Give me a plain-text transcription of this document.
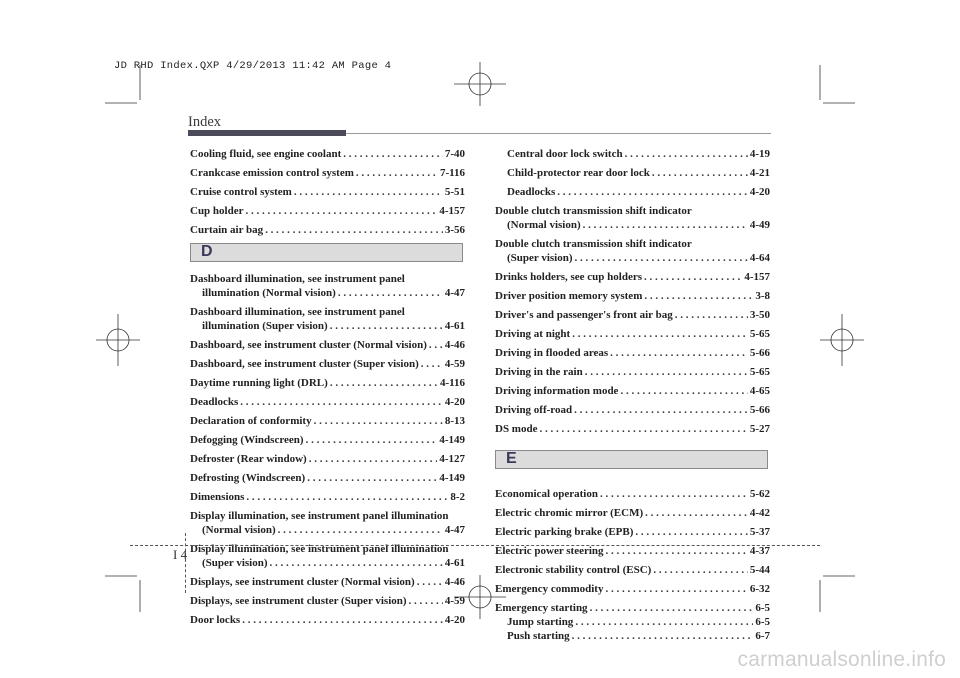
JD RHD Index.QXP 4/29/2013 11:42 AM Page 4
Index
Cooling fluid, see engine coolant . . .	7-40
Crankcase emission control system . . .	7-116
Cruise control system . . .	5-51
Cup holder . . .	4-157
Curtain air bag . . .	3-56
D
Dashboard illumination, see instrument panel
illumination (Normal vision) . . .	4-47
Dashboard illumination, see instrument panel
illumination (Super vision) . . .	4-61
Dashboard, see instrument cluster (Normal vision) . . . 4-46
Dashboard, see instrument cluster (Super vision) . . . 4-59
Daytime running light (DRL) . . .	4-116
Deadlocks . . .	4-20
Declaration of conformity . . .	8-13
Defogging (Windscreen) . . .	4-149
Defroster (Rear window) . . .	4-127
Defrosting (Windscreen) . . .	4-149
Dimensions . . .	8-2
Display illumination, see instrument panel illumination
(Normal vision) . . .	4-47
Display illumination, see instrument panel illumination
(Super vision) . . .	4-61
Displays, see instrument cluster (Normal vision) . . .	4-46
Displays, see instrument cluster (Super vision) . . .	4-59
Door locks . . .	4-20
Central door lock switch . . .	4-19
Child-protector rear door lock . . .	4-21
Deadlocks . . .	4-20
Double clutch transmission shift indicator
(Normal vision) . . .	4-49
Double clutch transmission shift indicator
(Super vision) . . .	4-64
Drinks holders, see cup holders . . .	4-157
Driver position memory system . . .	3-8
Driver's and passenger's front air bag . . .	3-50
Driving at night . . .	5-65
Driving in flooded areas . . .	5-66
Driving in the rain . . .	5-65
Driving information mode . . .	4-65
Driving off-road . . .	5-66
DS mode . . .	5-27
E
Economical operation . . .	5-62
Electric chromic mirror (ECM) . . .	4-42
Electric parking brake (EPB) . . .	5-37
Electric power steering . . .	4-37
Electronic stability control (ESC) . . .	5-44
Emergency commodity . . .	6-32
Emergency starting . . .	6-5
Jump starting . . .	6-5
Push starting . . .	6-7
I 4
carmanualsonline.info
